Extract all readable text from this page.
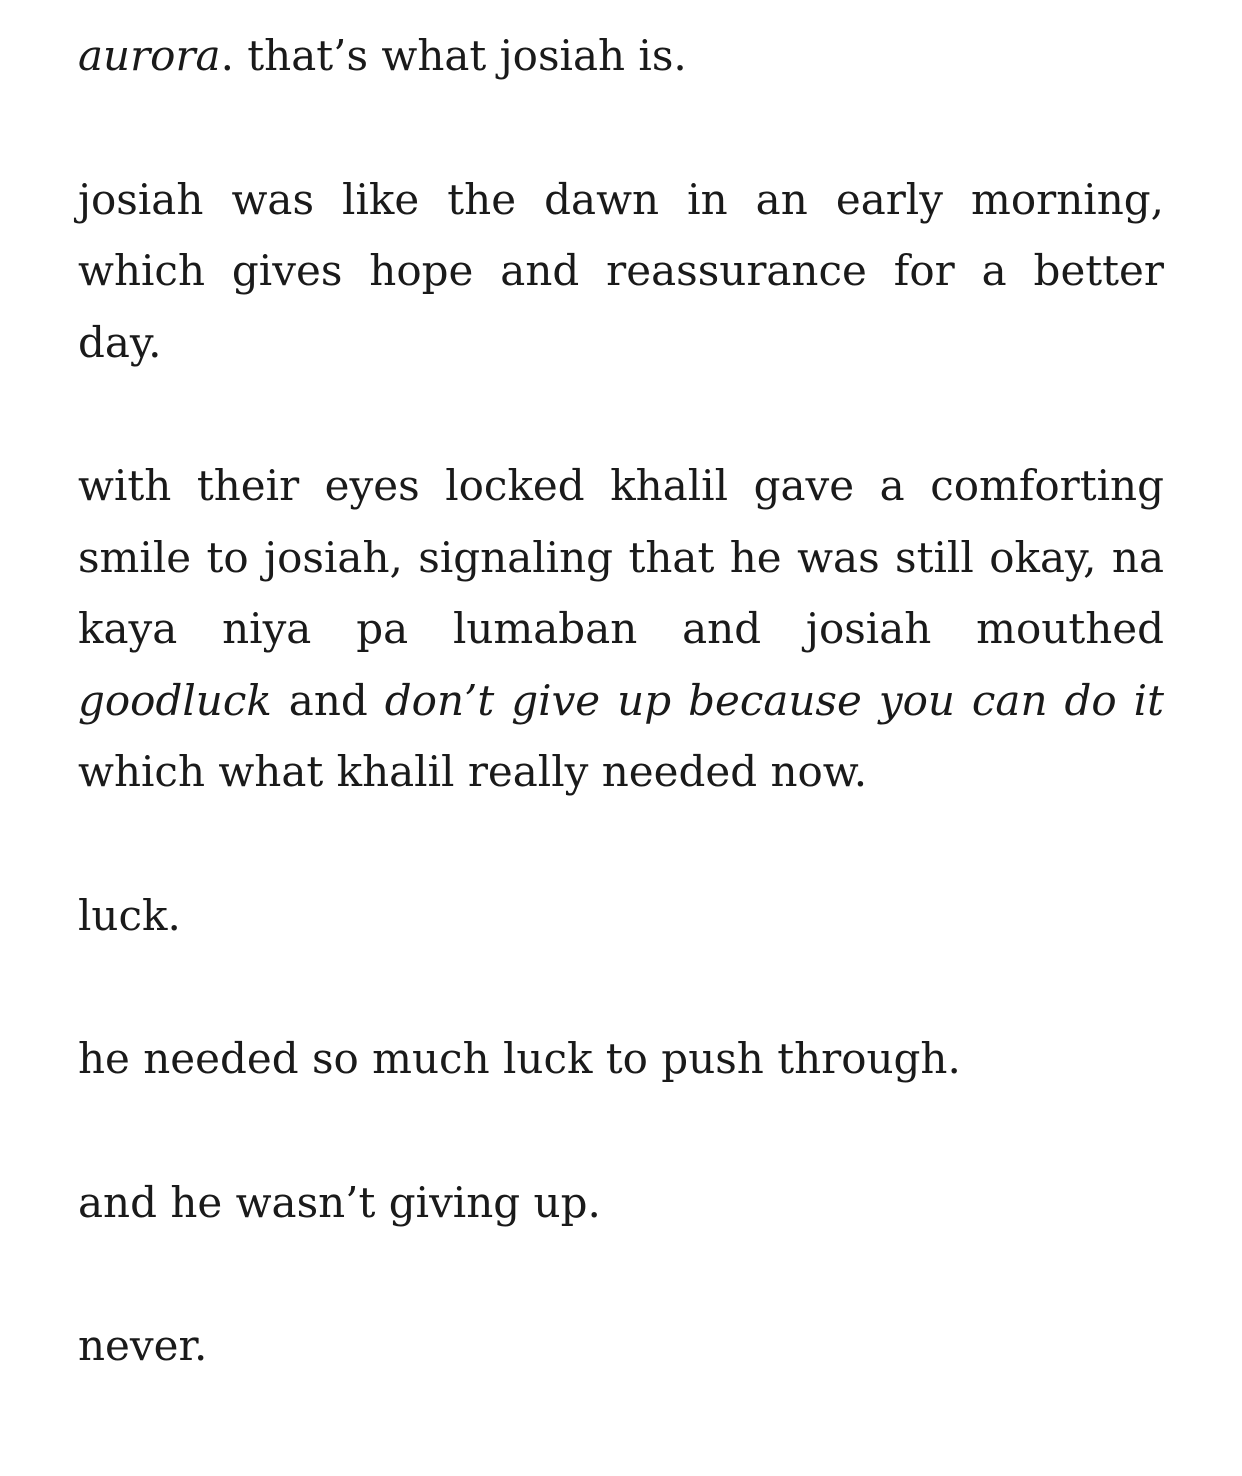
aurora. that’s what josiah is.

josiah was like the dawn in an early morning, which gives hope and reassurance for a better day.

with their eyes locked khalil gave a comforting smile to josiah, signaling that he was still okay, na kaya niya pa lumaban and josiah mouthed goodluck and don’t give up because you can do it which what khalil really needed now.

luck.

he needed so much luck to push through.

and he wasn’t giving up.

never.
